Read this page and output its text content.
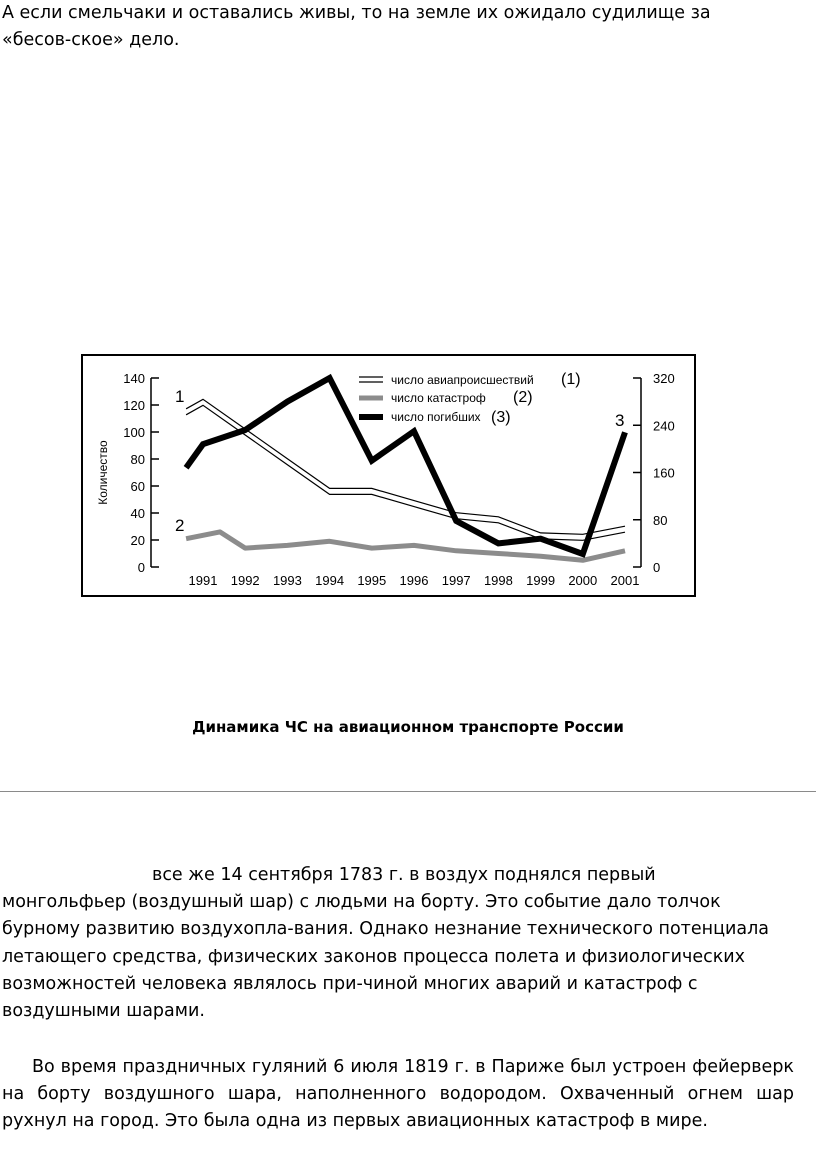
А если смельчаки и оставались живы, то на земле их ожидало судилище за
«бесов-ское» дело.
0
20
40
60
80
100
120
140
Количество
0
80
160
240
320
1991 1992 1993 1994 1995 1996 1997 1998 1999 2000 2001
число авиапроисшествий
число катастроф
число погибших
(1)
(2)
(3)
1
2
3
Динамика ЧС на авиационном транспорте России
все же 14 сентября 1783 г. в воздух поднялся первый
монгольфьер (воздушный шар) с людьми на борту. Это событие дало толчок
бурному развитию воздухопла-вания. Однако незнание технического потенциала
летающего средства, физических законов процесса полета и физиологических
возможностей человека являлось при-чиной многих аварий и катастроф с
воздушными шарами.
Во время праздничных гуляний 6 июля 1819 г. в Париже был устроен фейерверк на борту воздушного шара, наполненного водородом. Охваченный огнем шар рухнул на город. Это была одна из первых авиационных катастроф в мире.
